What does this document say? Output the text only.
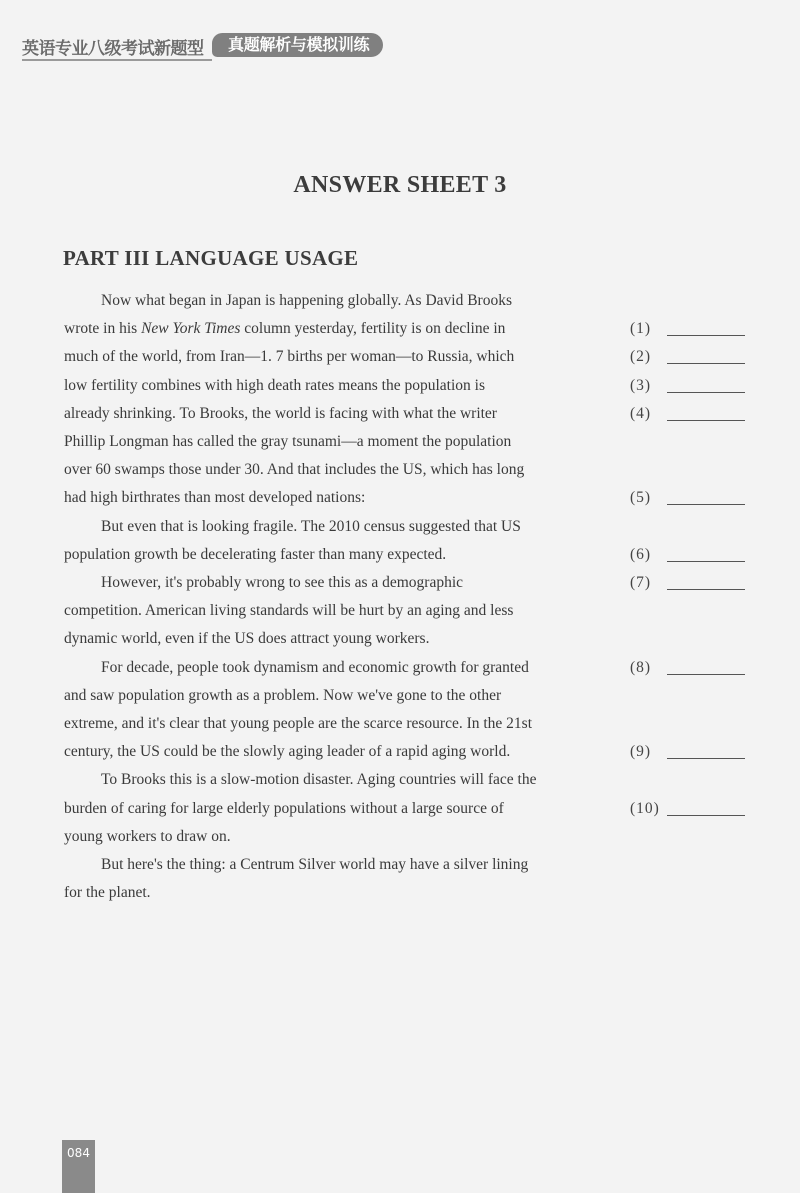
英语专业八级考试新题型	真题解析与模拟训练
ANSWER SHEET 3
PART III LANGUAGE USAGE
Now what began in Japan is happening globally. As David Brooks
wrote in his New York Times column yesterday, fertility is on decline in	(1)
much of the world, from Iran—1. 7 births per woman—to Russia, which	(2)
low fertility combines with high death rates means the population is	(3)
already shrinking. To Brooks, the world is facing with what the writer	(4)
Phillip Longman has called the gray tsunami—a moment the population
over 60 swamps those under 30. And that includes the US, which has long
had high birthrates than most developed nations:	(5)
But even that is looking fragile. The 2010 census suggested that US
population growth be decelerating faster than many expected.	(6)
However, it's probably wrong to see this as a demographic	(7)
competition. American living standards will be hurt by an aging and less
dynamic world, even if the US does attract young workers.
For decade, people took dynamism and economic growth for granted	(8)
and saw population growth as a problem. Now we've gone to the other
extreme, and it's clear that young people are the scarce resource. In the 21st
century, the US could be the slowly aging leader of a rapid aging world.	(9)
To Brooks this is a slow-motion disaster. Aging countries will face the
burden of caring for large elderly populations without a large source of	(10)
young workers to draw on.
But here's the thing: a Centrum Silver world may have a silver lining
for the planet.
084
